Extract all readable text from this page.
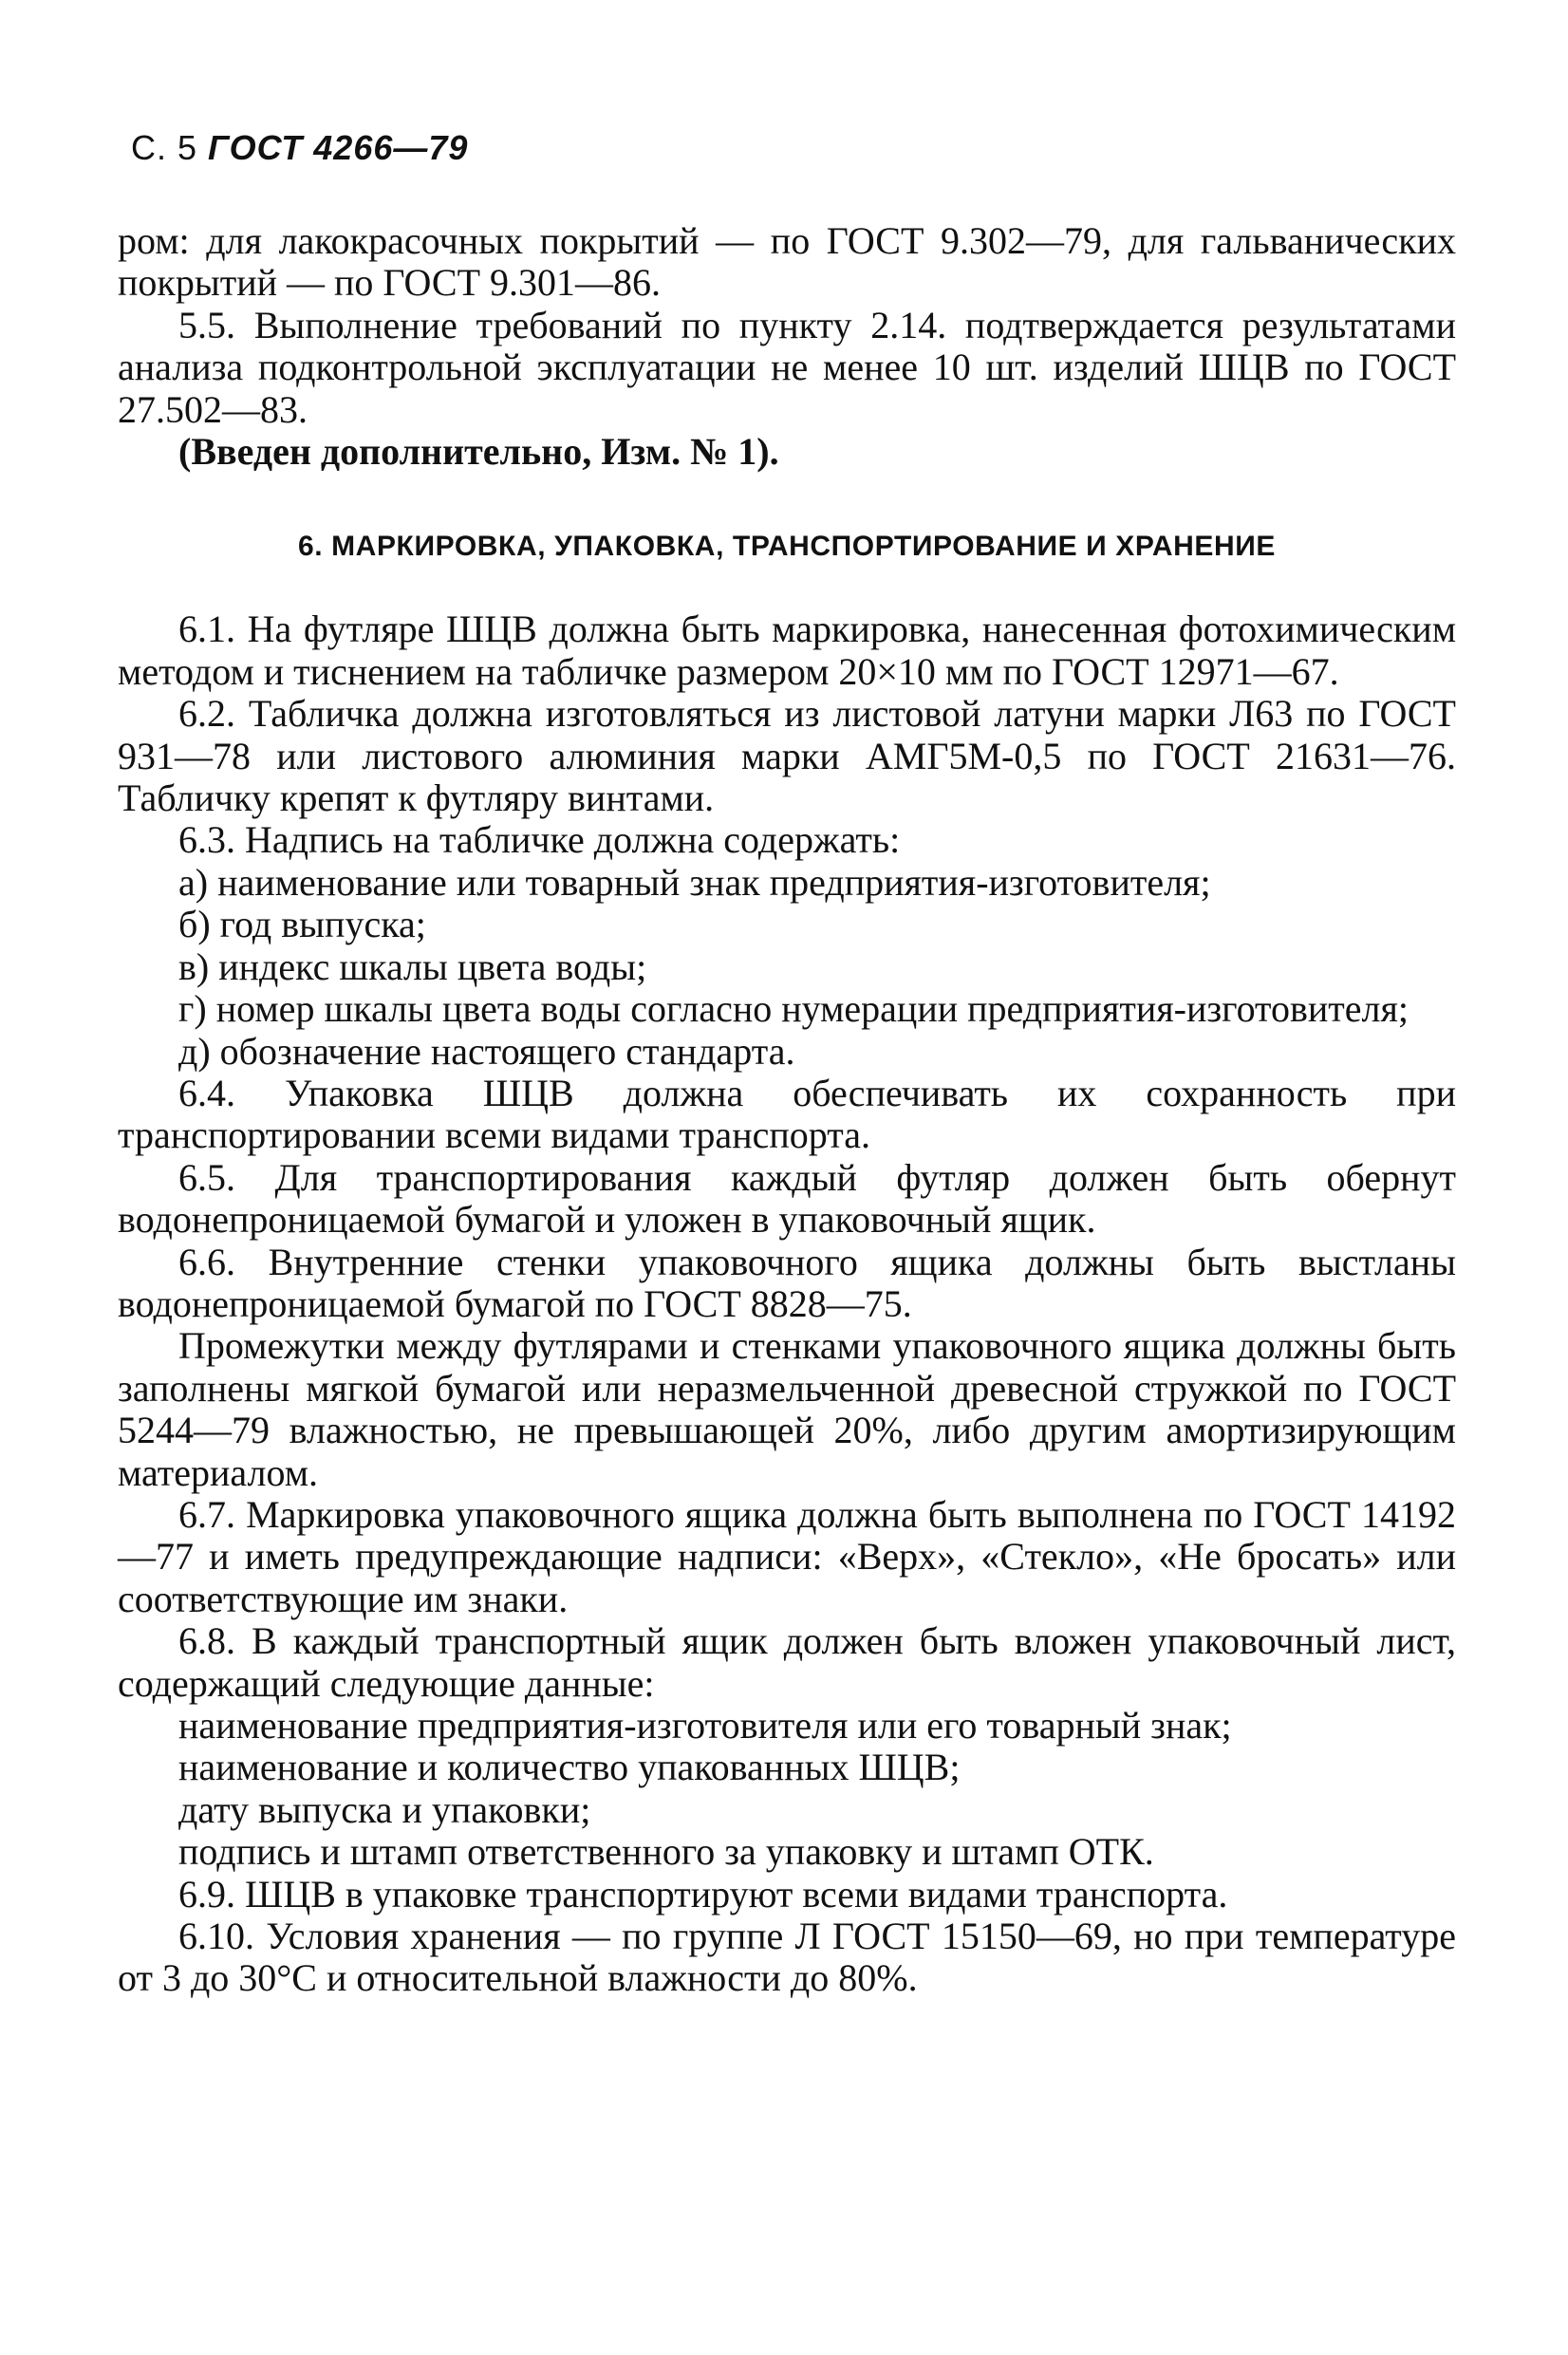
С. 5 ГОСТ 4266—79

ром: для лакокрасочных покрытий — по ГОСТ 9.302—79, для гальванических покрытий — по ГОСТ 9.301—86.

5.5. Выполнение требований по пункту 2.14. подтверждается результатами анализа подконтрольной эксплуатации не менее 10 шт. изделий ШЦВ по ГОСТ 27.502—83.

(Введен дополнительно, Изм. № 1).

6. МАРКИРОВКА, УПАКОВКА, ТРАНСПОРТИРОВАНИЕ И ХРАНЕНИЕ

6.1. На футляре ШЦВ должна быть маркировка, нанесенная фотохимическим методом и тиснением на табличке размером 20×10 мм по ГОСТ 12971—67.

6.2. Табличка должна изготовляться из листовой латуни марки Л63 по ГОСТ 931—78 или листового алюминия марки АМГ5М-0,5 по ГОСТ 21631—76. Табличку крепят к футляру винтами.

6.3. Надпись на табличке должна содержать:

а) наименование или товарный знак предприятия-изготовителя;

б) год выпуска;

в) индекс шкалы цвета воды;

г) номер шкалы цвета воды согласно нумерации предприятия-изготовителя;

д) обозначение настоящего стандарта.

6.4. Упаковка ШЦВ должна обеспечивать их сохранность при транспортировании всеми видами транспорта.

6.5. Для транспортирования каждый футляр должен быть обернут водонепроницаемой бумагой и уложен в упаковочный ящик.

6.6. Внутренние стенки упаковочного ящика должны быть выстланы водонепроницаемой бумагой по ГОСТ 8828—75.

Промежутки между футлярами и стенками упаковочного ящика должны быть заполнены мягкой бумагой или неразмельченной древесной стружкой по ГОСТ 5244—79 влажностью, не превышающей 20%, либо другим амортизирующим материалом.

6.7. Маркировка упаковочного ящика должна быть выполнена по ГОСТ 14192—77 и иметь предупреждающие надписи: «Верх», «Стекло», «Не бросать» или соответствующие им знаки.

6.8. В каждый транспортный ящик должен быть вложен упаковочный лист, содержащий следующие данные:

наименование предприятия-изготовителя или его товарный знак;

наименование и количество упакованных ШЦВ;

дату выпуска и упаковки;

подпись и штамп ответственного за упаковку и штамп ОТК.

6.9. ШЦВ в упаковке транспортируют всеми видами транспорта.

6.10. Условия хранения — по группе Л ГОСТ 15150—69, но при температуре от 3 до 30°С и относительной влажности до 80%.
